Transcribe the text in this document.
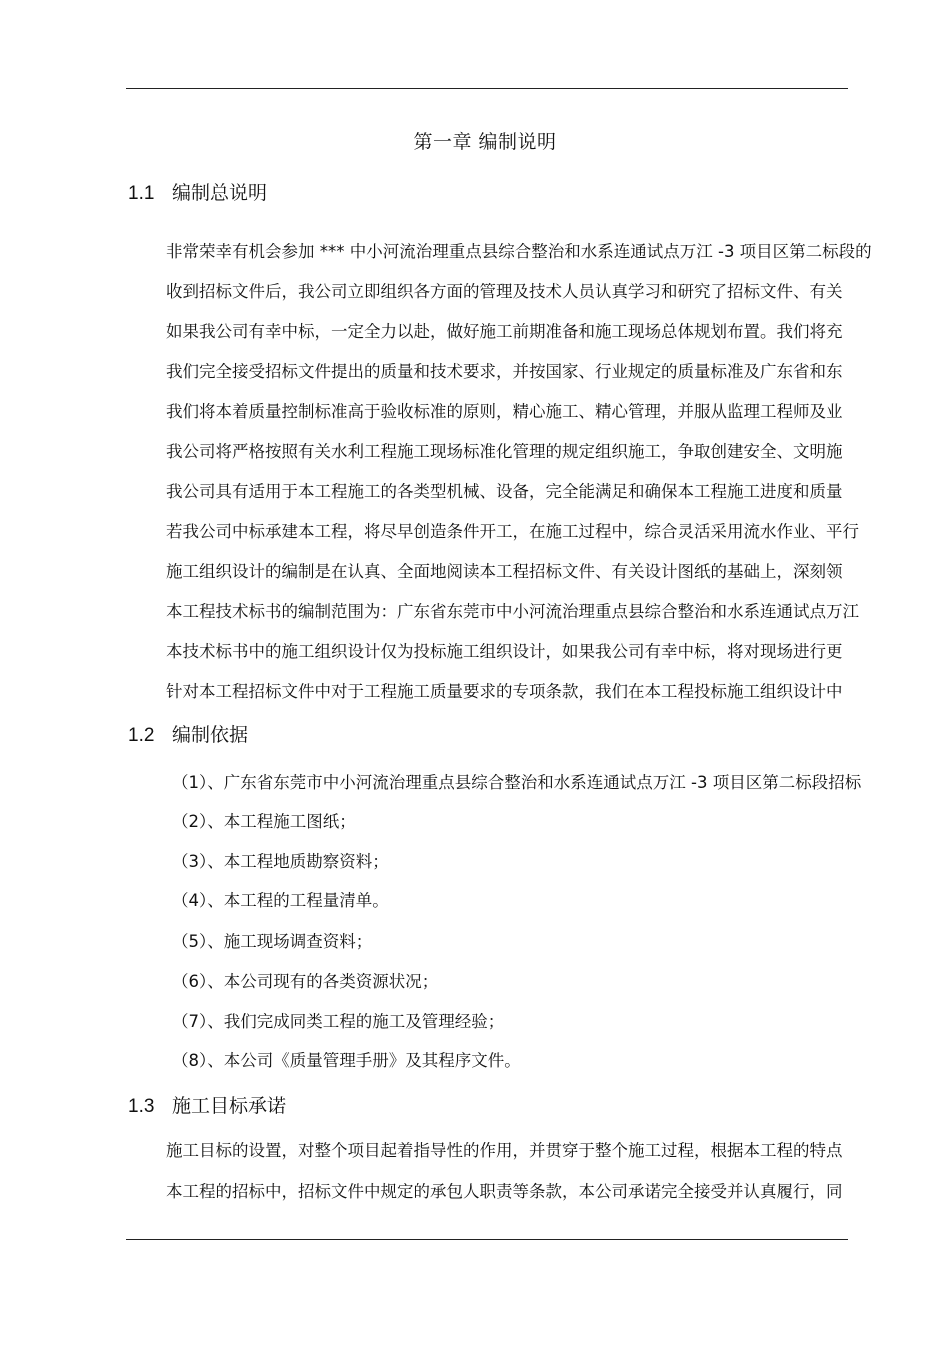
第一章 编制说明
1.1 编制总说明
非常荣幸有机会参加 *** 中小河流治理重点县综合整治和水系连通试点万江 -3 项目区第二标段的
收到招标文件后，我公司立即组织各方面的管理及技术人员认真学习和研究了招标文件、有关
如果我公司有幸中标，一定全力以赴，做好施工前期准备和施工现场总体规划布置。我们将充
我们完全接受招标文件提出的质量和技术要求，并按国家、行业规定的质量标准及广东省和东
我们将本着质量控制标准高于验收标准的原则，精心施工、精心管理，并服从监理工程师及业
我公司将严格按照有关水利工程施工现场标准化管理的规定组织施工，争取创建安全、文明施
我公司具有适用于本工程施工的各类型机械、设备，完全能满足和确保本工程施工进度和质量
若我公司中标承建本工程，将尽早创造条件开工，在施工过程中，综合灵活采用流水作业、平行
施工组织设计的编制是在认真、全面地阅读本工程招标文件、有关设计图纸的基础上，深刻领
本工程技术标书的编制范围为：广东省东莞市中小河流治理重点县综合整治和水系连通试点万江
本技术标书中的施工组织设计仅为投标施工组织设计，如果我公司有幸中标，将对现场进行更
针对本工程招标文件中对于工程施工质量要求的专项条款，我们在本工程投标施工组织设计中
1.2 编制依据
（1）、广东省东莞市中小河流治理重点县综合整治和水系连通试点万江 -3 项目区第二标段招标
（2）、本工程施工图纸；
（3）、本工程地质勘察资料；
（4）、本工程的工程量清单。
（5）、施工现场调查资料；
（6）、本公司现有的各类资源状况；
（7）、我们完成同类工程的施工及管理经验；
（8）、本公司《质量管理手册》及其程序文件。
1.3 施工目标承诺
施工目标的设置，对整个项目起着指导性的作用，并贯穿于整个施工过程，根据本工程的特点
本工程的招标中，招标文件中规定的承包人职责等条款，本公司承诺完全接受并认真履行，同
